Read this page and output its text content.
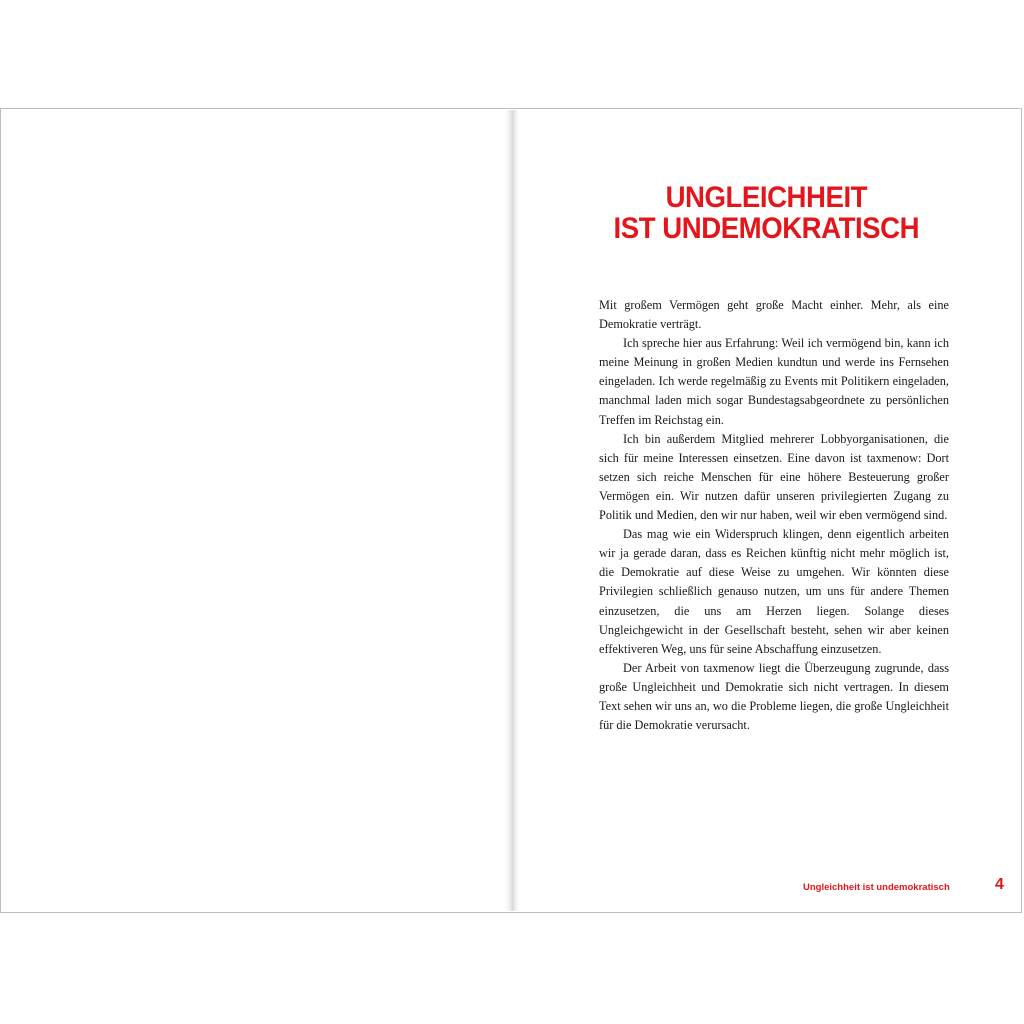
UNGLEICHHEIT
IST UNDEMOKRATISCH

Mit großem Vermögen geht große Macht einher. Mehr, als eine Demokratie verträgt.

Ich spreche hier aus Erfahrung: Weil ich vermögend bin, kann ich meine Meinung in großen Medien kundtun und werde ins Fernsehen eingeladen. Ich werde regelmäßig zu Events mit Politikern eingeladen, manchmal laden mich sogar Bundestagsabgeordnete zu persönlichen Treffen im Reichstag ein.

Ich bin außerdem Mitglied mehrerer Lobbyorganisationen, die sich für meine Interessen einsetzen. Eine davon ist taxmenow: Dort setzen sich reiche Menschen für eine höhere Besteuerung großer Vermögen ein. Wir nutzen dafür unseren privilegierten Zugang zu Politik und Medien, den wir nur haben, weil wir eben vermögend sind.

Das mag wie ein Widerspruch klingen, denn eigentlich arbeiten wir ja gerade daran, dass es Reichen künftig nicht mehr möglich ist, die Demokratie auf diese Weise zu umgehen. Wir könnten diese Privilegien schließlich genauso nutzen, um uns für andere Themen einzusetzen, die uns am Herzen liegen. Solange dieses Ungleichgewicht in der Gesellschaft besteht, sehen wir aber keinen effektiveren Weg, uns für seine Abschaffung einzusetzen.

Der Arbeit von taxmenow liegt die Überzeugung zugrunde, dass große Ungleichheit und Demokratie sich nicht vertragen. In diesem Text sehen wir uns an, wo die Probleme liegen, die große Ungleichheit für die Demokratie verursacht.

Ungleichheit ist undemokratisch	4
